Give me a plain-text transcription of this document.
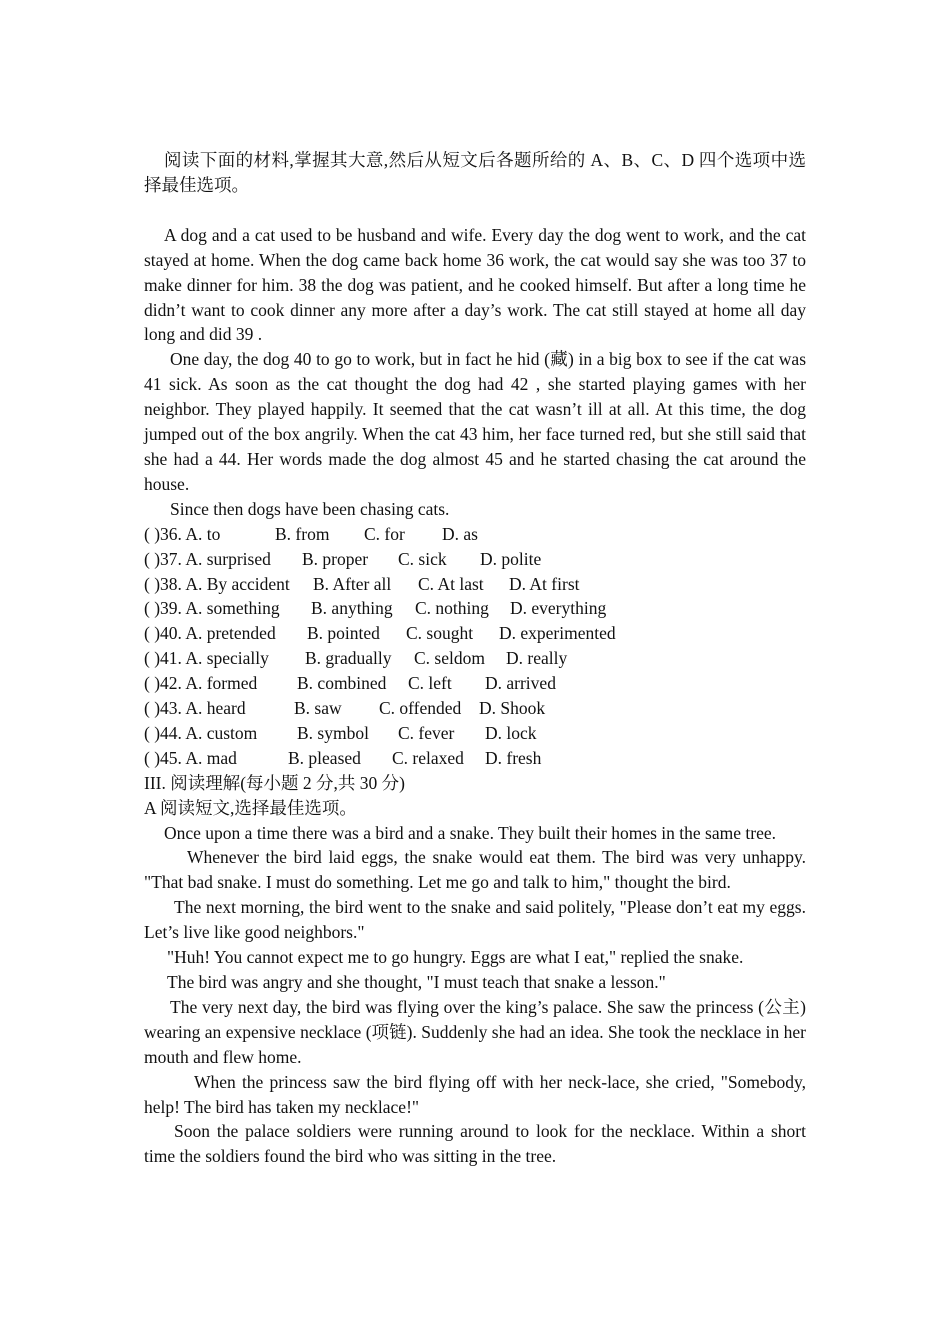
阅读下面的材料,掌握其大意,然后从短文后各题所给的 A、B、C、D 四个选项中选择最佳选项。

A dog and a cat used to be husband and wife. Every day the dog went to work, and the cat stayed at home. When the dog came back home 36 work, the cat would say she was too 37 to make dinner for him. 38 the dog was patient, and he cooked himself. But after a long time he didn’t want to cook dinner any more after a day’s work. The cat still stayed at home all day long and did 39 .

One day, the dog 40 to go to work, but in fact he hid (藏) in a big box to see if the cat was 41 sick. As soon as the cat thought the dog had 42 , she started playing games with her neighbor. They played happily. It seemed that the cat wasn’t ill at all. At this time, the dog jumped out of the box angrily. When the cat 43 him, her face turned red, but she still said that she had a 44. Her words made the dog almost 45 and he started chasing the cat around the house.

Since then dogs have been chasing cats.

( )36. A. to	B. from C. for D. as

( )37. A. surprised B. proper C. sick D. polite

( )38. A. By accident B. After all C. At last D. At first

( )39. A. something B. anything C. nothing D. everything

( )40. A. pretended B. pointed C. sought D. experimented

( )41. A. specially B. gradually C. seldom D. really

( )42. A. formed B. combined C. left D. arrived

( )43. A. heard	B. saw C. offended D. Shook

( )44. A. custom B. symbol C. fever D. lock

( )45. A. mad	B. pleased C. relaxed D. fresh

III. 阅读理解(每小题 2 分,共 30 分)

A 阅读短文,选择最佳选项。

Once upon a time there was a bird and a snake. They built their homes in the same tree.

Whenever the bird laid eggs, the snake would eat them. The bird was very unhappy. "That bad snake. I must do something. Let me go and talk to him," thought the bird.

The next morning, the bird went to the snake and said politely, "Please don’t eat my eggs. Let’s live like good neighbors."

"Huh! You cannot expect me to go hungry. Eggs are what I eat," replied the snake.

The bird was angry and she thought, "I must teach that snake a lesson."

The very next day, the bird was flying over the king’s palace. She saw the princess (公主) wearing an expensive necklace (项链). Suddenly she had an idea. She took the necklace in her mouth and flew home.

When the princess saw the bird flying off with her neck-lace, she cried, "Somebody, help! The bird has taken my necklace!"

Soon the palace soldiers were running around to look for the necklace. Within a short time the soldiers found the bird who was sitting in the tree.
